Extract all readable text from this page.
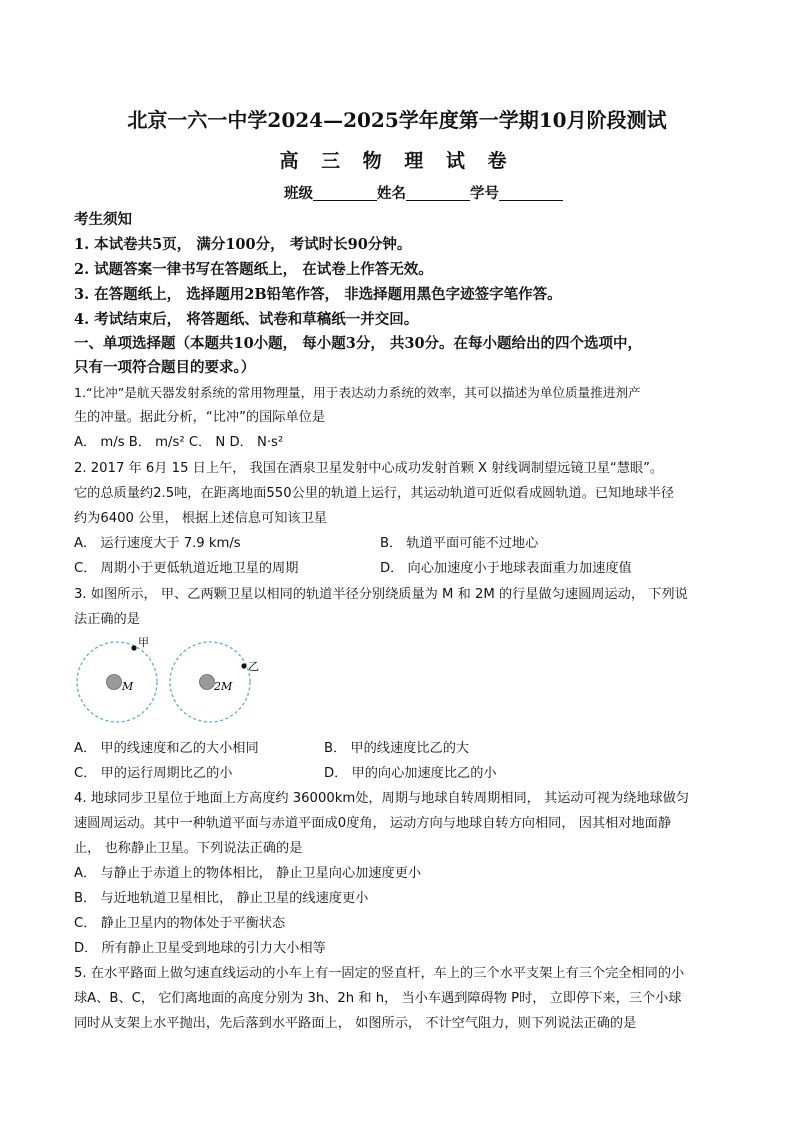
北京一六一中学2024—2025学年度第一学期10月阶段测试
高 三 物 理 试 卷
班级	姓名	学号
考生须知
1. 本试卷共5页， 满分100分， 考试时长90分钟。
2. 试题答案一律书写在答题纸上， 在试卷上作答无效。
3. 在答题纸上， 选择题用2B铅笔作答， 非选择题用黑色字迹签字笔作答。
4. 考试结束后， 将答题纸、试卷和草稿纸一并交回。
一、单项选择题（本题共10小题， 每小题3分， 共30分。在每小题给出的四个选项中，
只有一项符合题目的要求。）
1.“比冲”是航天器发射系统的常用物理量，用于表达动力系统的效率，其可以描述为单位质量推进剂产
生的冲量。据此分析，“比冲”的国际单位是
A． m/s B． m/s² C． N D． N·s²
2. 2017 年 6月 15 日上午， 我国在酒泉卫星发射中心成功发射首颗 X 射线调制望远镜卫星“慧眼”。
它的总质量约2.5吨，在距离地面550公里的轨道上运行，其运动轨道可近似看成圆轨道。已知地球半径
约为6400 公里， 根据上述信息可知该卫星
A． 运行速度大于 7.9 km/s	B． 轨道平面可能不过地心
C． 周期小于更低轨道近地卫星的周期	D． 向心加速度小于地球表面重力加速度值
3. 如图所示， 甲、乙两颗卫星以相同的轨道半径分别绕质量为 M 和 2M 的行星做匀速圆周运动， 下列说
法正确的是
甲
乙
M	2M
A． 甲的线速度和乙的大小相同	B． 甲的线速度比乙的大
C． 甲的运行周期比乙的小	D． 甲的向心加速度比乙的小
4. 地球同步卫星位于地面上方高度约 36000km处，周期与地球自转周期相同， 其运动可视为绕地球做匀
速圆周运动。其中一种轨道平面与赤道平面成0度角， 运动方向与地球自转方向相同， 因其相对地面静
止， 也称静止卫星。下列说法正确的是
A． 与静止于赤道上的物体相比， 静止卫星向心加速度更小
B． 与近地轨道卫星相比， 静止卫星的线速度更小
C． 静止卫星内的物体处于平衡状态
D． 所有静止卫星受到地球的引力大小相等
5. 在水平路面上做匀速直线运动的小车上有一固定的竖直杆，车上的三个水平支架上有三个完全相同的小
球A、B、C， 它们离地面的高度分别为 3h、2h 和 h， 当小车遇到障碍物 P时， 立即停下来，三个小球
同时从支架上水平抛出，先后落到水平路面上， 如图所示， 不计空气阻力，则下列说法正确的是
